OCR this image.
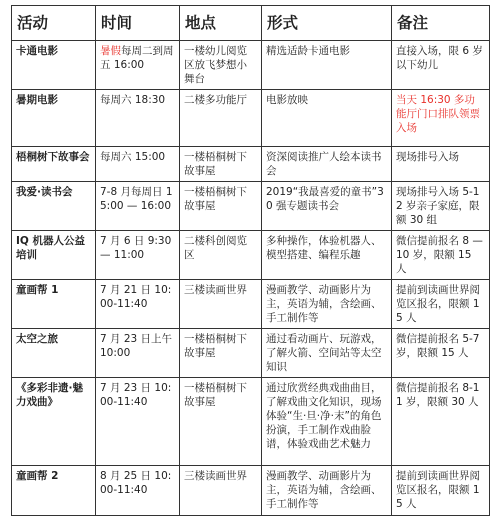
活动	时间	地点	形式	备注
卡通电影	暑假每周二到周五 16:00	一楼幼儿阅览区放飞梦想小舞台	精选适龄卡通电影	直接入场，限 6 岁以下幼儿
暑期电影	每周六 18:30	二楼多功能厅	电影放映	当天 16:30 多功能厅门口排队领票入场
梧桐树下故事会	每周六 15:00	一楼梧桐树下故事屋	资深阅读推广人绘本读书会	现场排号入场
我爱·读书会	7-8 月每周日 15:00 — 16:00	一楼梧桐树下故事屋	2019“我最喜爱的童书”30 强专题读书会	现场排号入场 5-12 岁亲子家庭，限额 30 组
IQ 机器人公益培训	7 月 6 日 9:30 — 11:00	二楼科创阅览区	多种操作，体验机器人、模型搭建、编程乐趣	微信提前报名 8 — 10 岁，限额 15 人
童画帮 1	7 月 21 日 10:00-11:40	三楼读画世界	漫画教学、动画影片为主，英语为辅，含绘画、手工制作等	提前到读画世界阅览区报名，限额 15 人
太空之旅	7 月 23 日上午 10:00	一楼梧桐树下故事屋	通过看动画片、玩游戏，了解火箭、空间站等太空知识	微信提前报名 5-7 岁，限额 15 人
《多彩非遗·魅力戏曲》	7 月 23 日 10:00-11:40	一楼梧桐树下故事屋	通过欣赏经典戏曲曲目，了解戏曲文化知识，现场体验“生·旦·净·末”的角色扮演，手工制作戏曲脸谱，体验戏曲艺术魅力	微信提前报名 8-11 岁，限额 30 人
童画帮 2	8 月 25 日 10:00-11:40	三楼读画世界	漫画教学、动画影片为主，英语为辅，含绘画、手工制作等	提前到读画世界阅览区报名，限额 15 人
